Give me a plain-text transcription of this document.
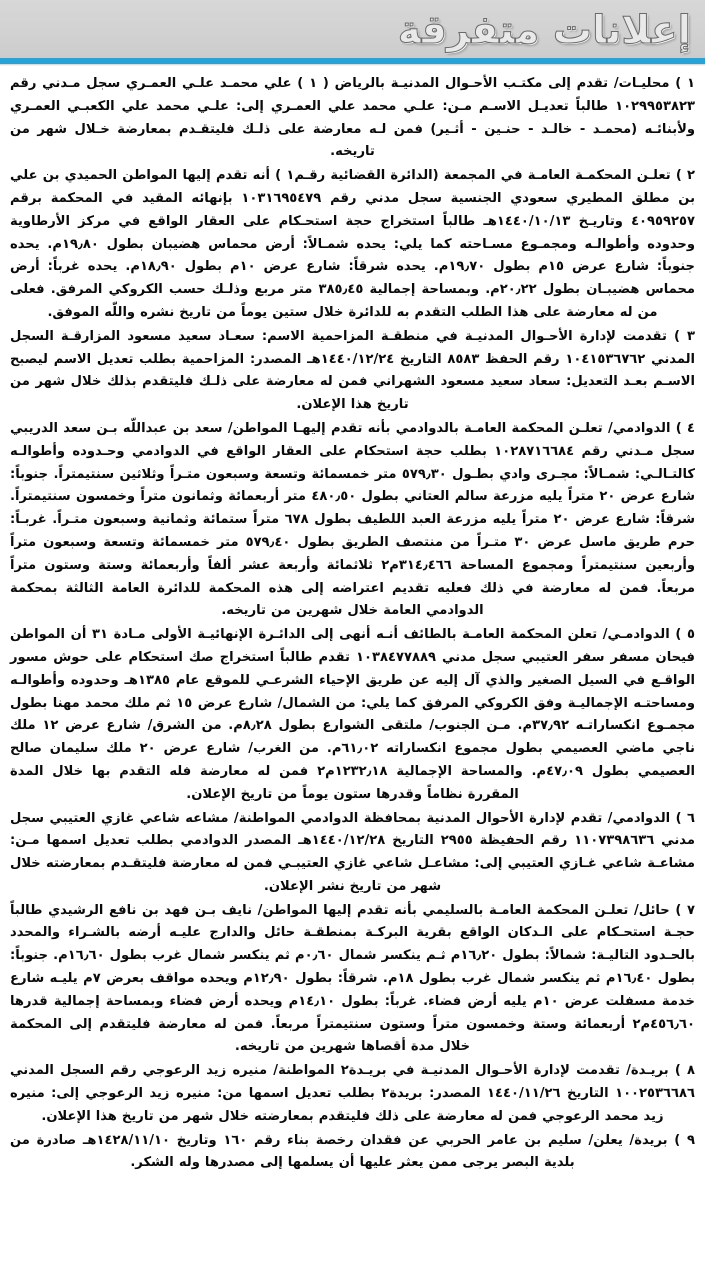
إعلانات متفرقة

١ ) محليـات/ تقدم إلى مكتـب الأحـوال المدنيـة بالرياض ( ١ ) علي محمـد علـي العمـري سجل مـدني رقم ١٠٢٩٩٥٣٨٢٣ طالباً تعديـل الاسـم مـن: علـي محمد علي العمـري إلى: علـي محمد علي الكعبـي العمـري ولأبنائـه (محمـد - خالـد - حنـين - أثـير) فمن لـه معارضة على ذلـك فليتقـدم بمعارضة خـلال شهر من تاريخه.

٢ ) تعلـن المحكمـة العامـة في المجمعة (الدائرة القضائية رقـم١ ) أنه تقدم إليها المواطن الحميدي بن علي بن مطلق المطيري سعودي الجنسية سجل مدني رقم ١٠٣١٦٩٥٤٧٩ بإنهائه المقيد في المحكمة برقم ٤٠٩٥٩٢٥٧ وتاريـخ ١٤٤٠/١٠/١٣هـ طالباً استخراج حجة استحـكام على العقار الواقع في مركز الأرطاوية وحدوده وأطوالـه ومجمـوع مسـاحته كما يلي: يحده شمـالاً: أرض محماس هضيبان بطول ١٩٫٨٠م. يحده جنوباً: شارع عرض ١٥م بطول ١٩٫٧٠م. يحده شرقاً: شارع عرض ١٠م بطول ١٨٫٩٠م. يحده غرباً: أرض محماس هضيبـان بطول ٢٠٫٢٢م. وبمساحة إجمالية ٣٨٥٫٤٥ متر مربع وذلـك حسب الكروكي المرفق. فعلى من له معارضة على هذا الطلب التقدم به للدائرة خلال ستين يوماً من تاريخ نشره واللّه الموفق.

٣ ) تقدمت لإدارة الأحـوال المدنيـة في منطقـة المزاحمية الاسم: سعـاد سعيد مسعود المزارقـة السجل المدني ١٠٤١٥٣٦٧٦٢ رقم الحفظ ٨٥٨٣ التاريخ ١٤٤٠/١٢/٢٤هـ المصدر: المزاحمية بطلب تعديل الاسم ليصبح الاسـم بعـد التعديل: سعاد سعيد مسعود الشهراني فمن له معارضة على ذلـك فليتقدم بذلك خلال شهر من تاريخ هذا الإعلان.

٤ ) الدوادمي/ تعلـن المحكمة العامـة بالدوادمي بأنه تقدم إليهـا المواطن/ سعد بن عبداللّه بـن سعد الدريبي سجل مـدني رقم ١٠٢٨٧١٦٦٨٤ بطلب حجة استحكام على العقار الواقع في الدوادمي وحـدوده وأطوالـه كالتـالـي: شمـالاً: مجـرى وادي بطـول ٥٧٩٫٣٠ متر خمسمائة وتسعة وسبعون متـراً وثلاثين سنتيمتراً. جنوباً: شارع عرض ٢٠ متراً يليه مزرعة سالم العتاني بطول ٤٨٠٫٥٠ متر أربعمائة وثمانون متراً وخمسون سنتيمتراً. شرقاً: شارع عرض ٢٠ متراً يليه مزرعة العبد اللطيف بطول ٦٧٨ متراً ستمائة وثمانية وسبعون متـراً. غربـاً: حرم طريق ماسل عرض ٣٠ متـراً من منتصف الطريق بطول ٥٧٩٫٤٠ متر خمسمائة وتسعة وسبعون متراً وأربعين سنتيمتراً ومجموع المساحة ٣١٤٫٤٦٦م٢ ثلاثمائة وأربعة عشر ألفاً وأربعمائة وستة وستون متراً مربعاً. فمن له معارضة في ذلك فعليه تقديم اعتراضه إلى هذه المحكمة للدائرة العامة الثالثة بمحكمة الدوادمي العامة خلال شهرين من تاريخه.

٥ ) الدوادمـي/ تعلن المحكمة العامـة بالطائف أنـه أنهى إلى الدائـرة الإنهائيـة الأولى مـادة ٣١ أن المواطن فيحان مسفر سفر العتيبي سجل مدني ١٠٣٨٤٧٧٨٨٩ تقدم طالباً استخراج صك استحكام على حوش مسور الواقـع في السيل الصغير والذي آل إليه عن طريق الإحياء الشرعـي للموقع عام ١٣٨٥هـ وحدوده وأطوالـه ومساحتـه الإجماليـة وفق الكروكي المرفق كما يلي: من الشمال/ شارع عرض ١٥ ثم ملك محمد مهنا بطول مجمـوع انكساراتـه ٣٧٫٩٢م. مـن الجنوب/ ملتقى الشوارع بطول ٨٫٢٨م. من الشرق/ شارع عرض ١٢ ملك ناجي ماضي العصيمي بطول مجموع انكساراته ٦١٫٠٢م. من الغرب/ شارع عرض ٢٠ ملك سليمان صالح العصيمي بطول ٤٧٫٠٩م. والمساحة الإجمالية ١٢٣٢٫١٨م٢ فمن له معارضة فله التقدم بها خلال المدة المقررة نظاماً وقدرها ستون يوماً من تاريخ الإعلان.

٦ ) الدوادمي/ تقدم لإدارة الأحوال المدنية بمحافظة الدوادمي المواطنة/ مشاعه شاعي غازي العتيبي سجل مدني ١١٠٧٣٩٨٦٣٦ رقم الحفيظة ٢٩٥٥ التاريخ ١٤٤٠/١٢/٢٨هـ المصدر الدوادمي بطلب تعديل اسمها مـن: مشاعـة شاعي غـازي العتيبي إلى: مشاعـل شاعي غازي العتيبـي فمن له معارضة فليتقـدم بمعارضته خلال شهر من تاريخ نشر الإعلان.

٧ ) حائل/ تعلـن المحكمة العامـة بالسليمي بأنه تقدم إليها المواطن/ نايف بـن فهد بن نافع الرشيدي طالباً حجـة استحـكام على الـدكان الواقع بقرية البركـة بمنطقـة حائل والدارج عليـه أرضه بالشـراء والمحدد بالحـدود التاليـة: شمالاً: بطول ١٦٫٢٠م ثـم ينكسر شمال ٠٫٦٠م ثم ينكسر شمال غرب بطول ١٦٫٦٠م. جنوباً: بطول ١٦٫٤٠م ثم ينكسر شمال غرب بطول ١٨م. شرقاً: بطول ١٢٫٩٠م ويحده مواقف بعرض ٧م يليـه شارع خدمة مسفلت عرض ١٠م يليه أرض فضاء. غرباً: بطول ١٤٫١٠م ويحده أرض فضاء وبمساحة إجمالية قدرها ٤٥٦٫٦٠م٢ أربعمائة وستة وخمسون متراً وستون سنتيمتراً مربعاً. فمن له معارضة فليتقدم إلى المحكمة خلال مدة أقصاها شهرين من تاريخه.

٨ ) بريـدة/ تقدمت لإدارة الأحـوال المدنيـة في بريـدة٢ المواطنة/ منيره زيد الرعوجي رقم السجل المدني ١٠٠٢٥٣٦٦٨٦ التاريخ ١٤٤٠/١١/٢٦ المصدر: بريدة٢ بطلب تعديل اسمها من: منيره زيد الرعوجي إلى: منيره زيد محمد الرعوجي فمن له معارضة على ذلك فليتقدم بمعارضته خلال شهر من تاريخ هذا الإعلان.

٩ ) بريدة/ يعلن/ سليم بن عامر الحربي عن فقدان رخصة بناء رقم ١٦٠ وتاريخ ١٤٢٨/١١/١٠هـ صادرة من بلدية البصر يرجى ممن يعثر عليها أن يسلمها إلى مصدرها وله الشكر.
